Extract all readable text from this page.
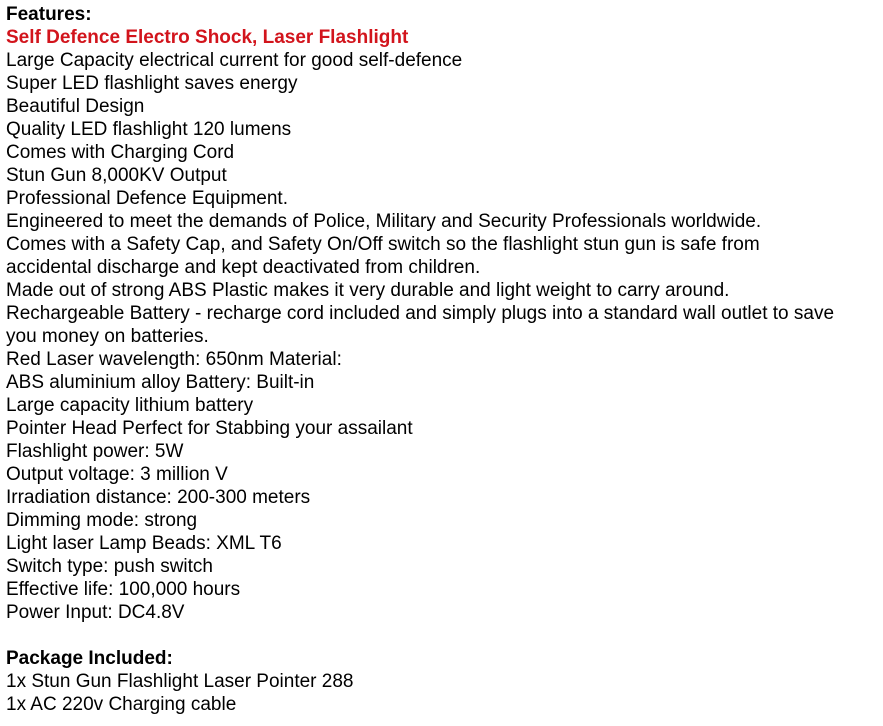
Features:
Self Defence Electro Shock, Laser Flashlight
Large Capacity electrical current for good self-defence
Super LED flashlight saves energy
Beautiful Design
Quality LED flashlight 120 lumens
Comes with Charging Cord
Stun Gun 8,000KV Output
Professional Defence Equipment.
Engineered to meet the demands of Police, Military and Security Professionals worldwide.
Comes with a Safety Cap, and Safety On/Off switch so the flashlight stun gun is safe from
accidental discharge and kept deactivated from children.
Made out of strong ABS Plastic makes it very durable and light weight to carry around.
Rechargeable Battery - recharge cord included and simply plugs into a standard wall outlet to save
you money on batteries.
Red Laser wavelength: 650nm Material:
ABS aluminium alloy Battery: Built-in
Large capacity lithium battery
Pointer Head Perfect for Stabbing your assailant
Flashlight power: 5W
Output voltage: 3 million V
Irradiation distance: 200-300 meters
Dimming mode: strong
Light laser Lamp Beads: XML T6
Switch type: push switch
Effective life: 100,000 hours
Power Input: DC4.8V
Package Included:
1x Stun Gun Flashlight Laser Pointer 288
1x AC 220v Charging cable
